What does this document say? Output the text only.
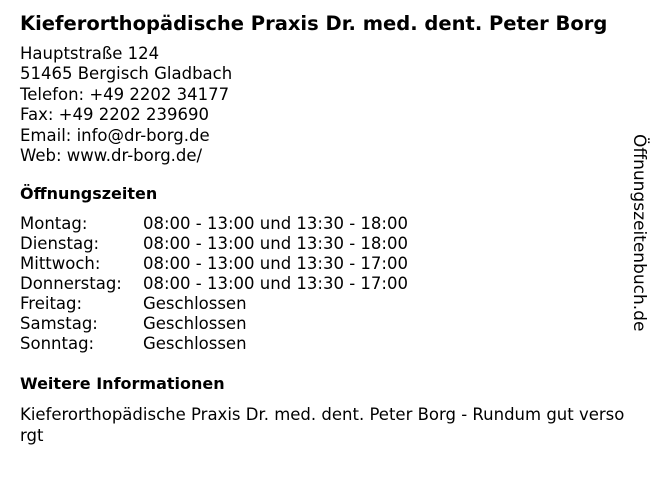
Kieferorthopädische Praxis Dr. med. dent. Peter Borg
Hauptstraße 124
51465 Bergisch Gladbach
Telefon: +49 2202 34177
Fax: +49 2202 239690
Email: info@dr-borg.de
Web: www.dr-borg.de/
Öffnungszeiten
Montag:	08:00 - 13:00 und 13:30 - 18:00
Dienstag:	08:00 - 13:00 und 13:30 - 18:00
Mittwoch:	08:00 - 13:00 und 13:30 - 17:00
Donnerstag:	08:00 - 13:00 und 13:30 - 17:00
Freitag:	Geschlossen
Samstag:	Geschlossen
Sonntag:	Geschlossen
Weitere Informationen
Kieferorthopädische Praxis Dr. med. dent. Peter Borg - Rundum gut versorgt
Öffnungszeitenbuch.de
